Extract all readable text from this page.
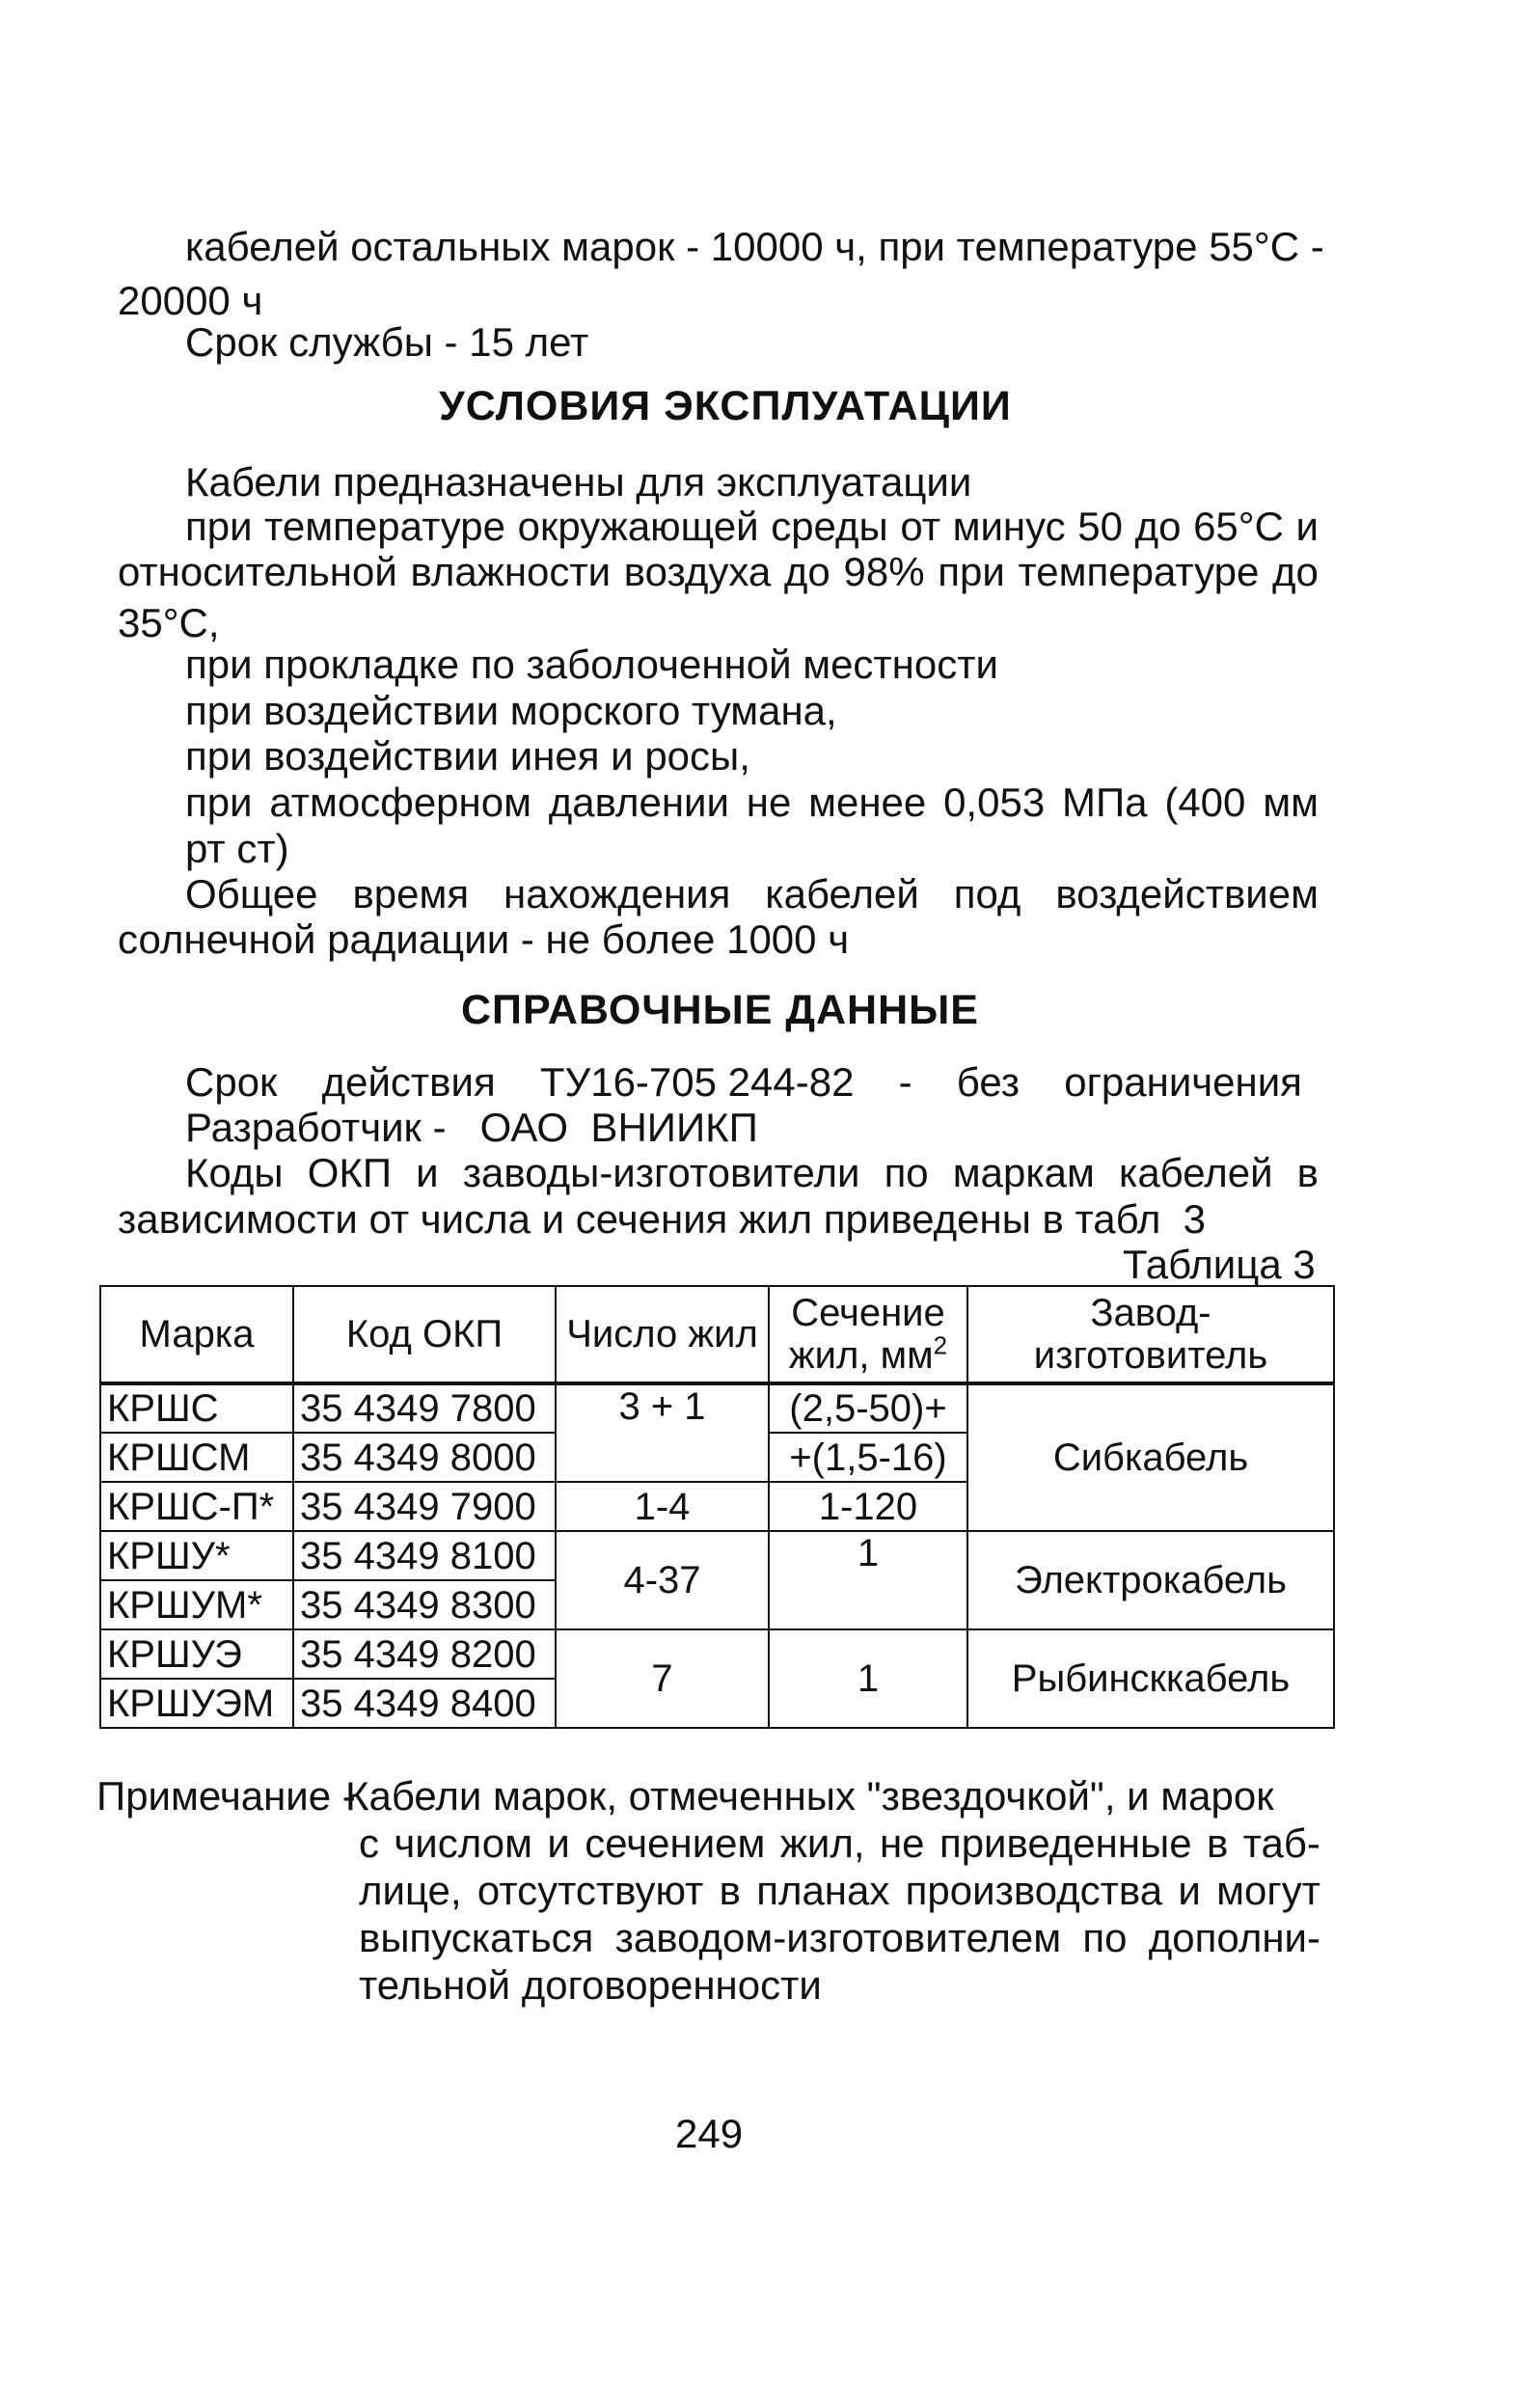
кабелей остальных марок - 10000 ч, при температуре 55°С -
20000 ч
Срок службы - 15 лет
УСЛОВИЯ ЭКСПЛУАТАЦИИ
Кабели предназначены для эксплуатации
при температуре окружающей среды от минус 50 до 65°С и
относительной влажности воздуха до 98% при температуре до
35°С,
при прокладке по заболоченной местности
при воздействии морского тумана,
при воздействии инея и росы,
при атмосферном давлении не менее 0,053 МПа (400 мм
рт ст)
Общее время нахождения кабелей под воздействием
солнечной радиации - не более 1000 ч
СПРАВОЧНЫЕ ДАННЫЕ
Срок действия ТУ16-705 244-82 - без ограничения
Разработчик -   ОАО  ВНИИКП
Коды ОКП и заводы-изготовители по маркам кабелей в
зависимости от числа и сечения жил приведены в табл  3
Таблица 3
Марка	Код ОКП	Число жил	Сечение жил, $мм^2$	Завод-изготовитель
КРШС	35 4349 7800	3 + 1	(2,5-50)+	Сибкабель
КРШСМ	35 4349 8000		+(1,5-16)	
КРШС-П*	35 4349 7900	1-4	1-120	
КРШУ*	35 4349 8100	4-37	1	Электрокабель
КРШУМ*	35 4349 8300			
КРШУЭ	35 4349 8200	7	1	Рыбинсккабель
КРШУЭМ	35 4349 8400			
Примечание -
Кабели марок, отмеченных "звездочкой", и марок
с числом и сечением жил, не приведенные в таб-
лице, отсутствуют в планах производства и могут
выпускаться заводом-изготовителем по дополни-
тельной договоренности
249
